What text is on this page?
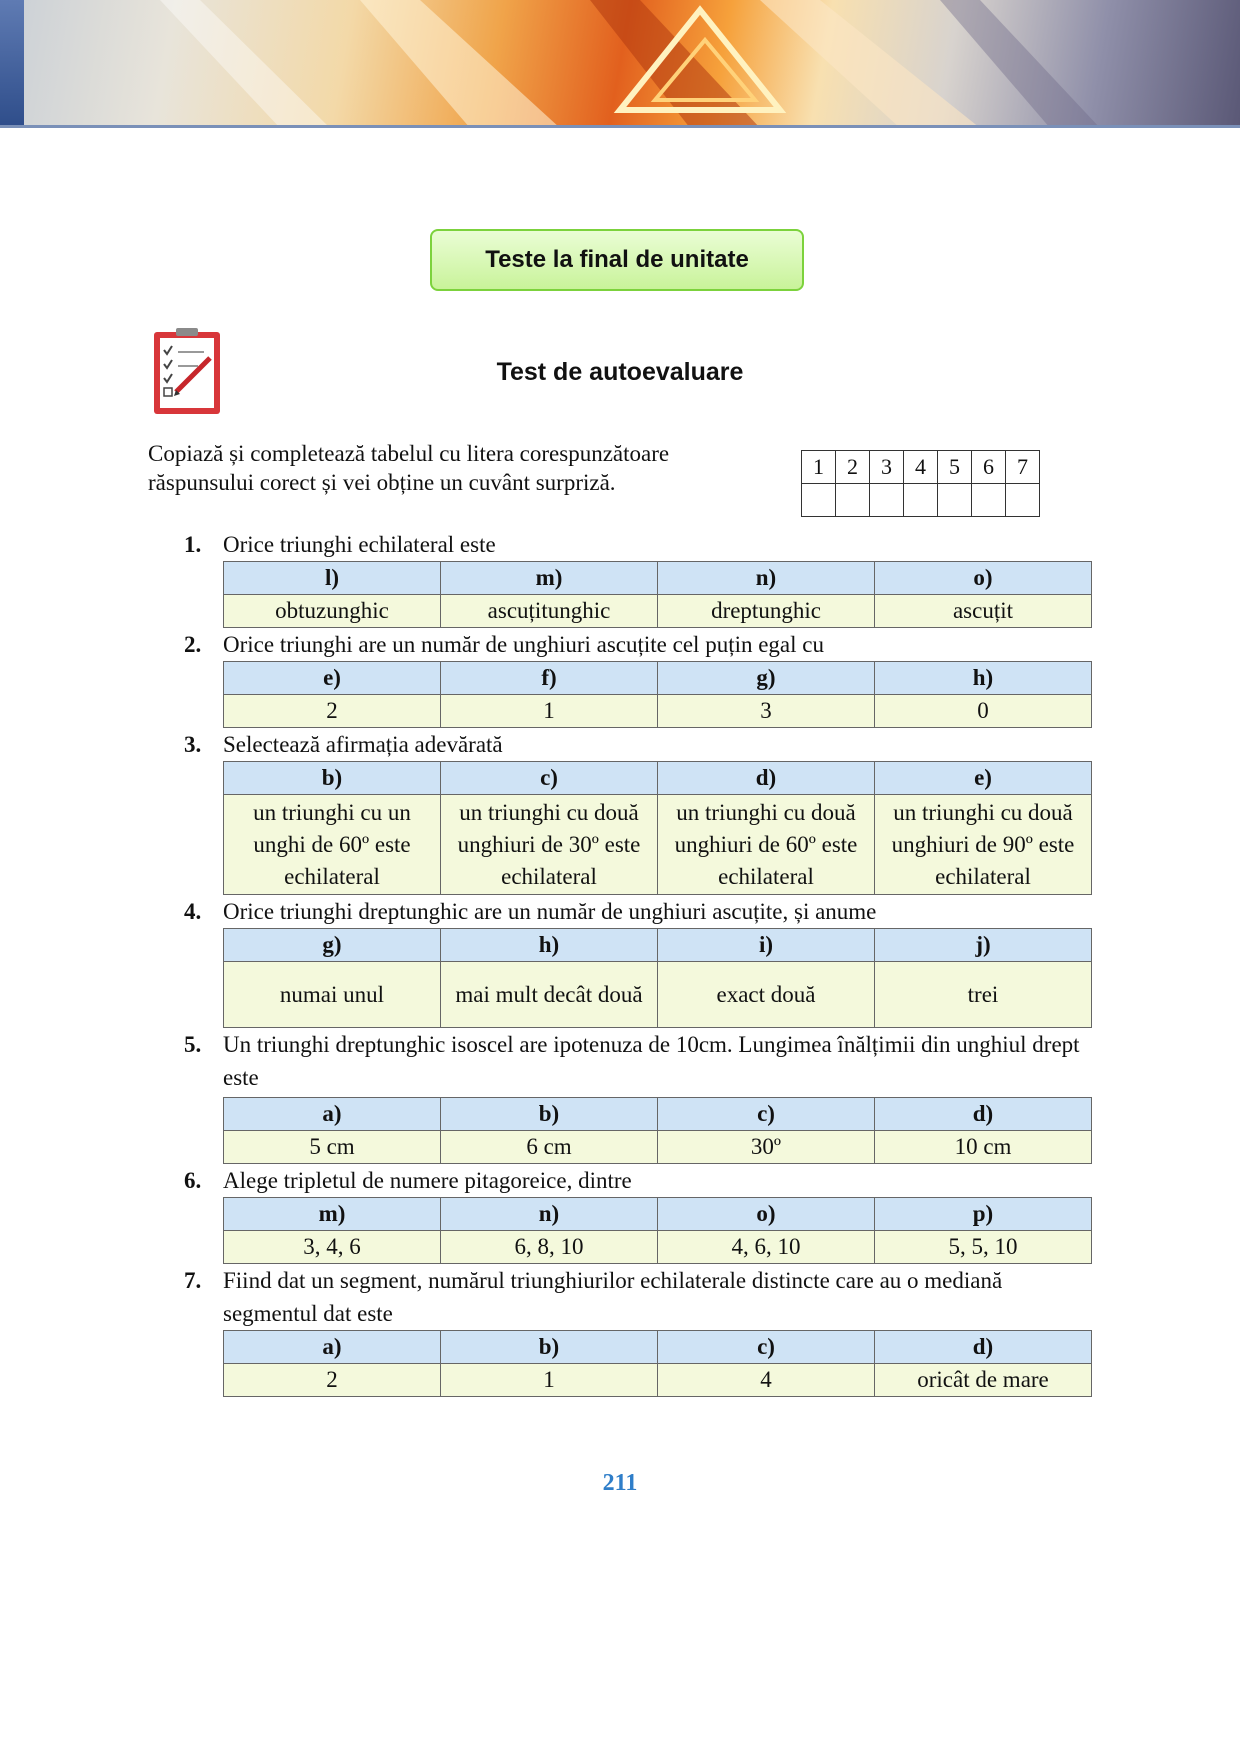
Teste la final de unitate
Test de autoevaluare
Copiază și completează tabelul cu litera corespunzătoare
răspunsului corect și vei obține un cuvânt surpriză.
1	2	3	4	5	6	7

1. Orice triunghi echilateral este
l)	m)	n)	o)
obtuzunghic	ascuțitunghic	dreptunghic	ascuțit
2. Orice triunghi are un număr de unghiuri ascuțite cel puțin egal cu
e)	f)	g)	h)
2	1	3	0
3. Selectează afirmația adevărată
b)	c)	d)	e)
un triunghi cu un unghi de 60º este echilateral	un triunghi cu două unghiuri de 30º este echilateral	un triunghi cu două unghiuri de 60º este echilateral	un triunghi cu două unghiuri de 90º este echilateral
4. Orice triunghi dreptunghic are un număr de unghiuri ascuțite, și anume
g)	h)	i)	j)
numai unul	mai mult decât două	exact două	trei
5. Un triunghi dreptunghic isoscel are ipotenuza de 10cm. Lungimea înălțimii din unghiul drept este
a)	b)	c)	d)
5 cm	6 cm	30º	10 cm
6. Alege tripletul de numere pitagoreice, dintre
m)	n)	o)	p)
3, 4, 6	6, 8, 10	4, 6, 10	5, 5, 10
7. Fiind dat un segment, numărul triunghiurilor echilaterale distincte care au o mediană segmentul dat este
a)	b)	c)	d)
2	1	4	oricât de mare
211
